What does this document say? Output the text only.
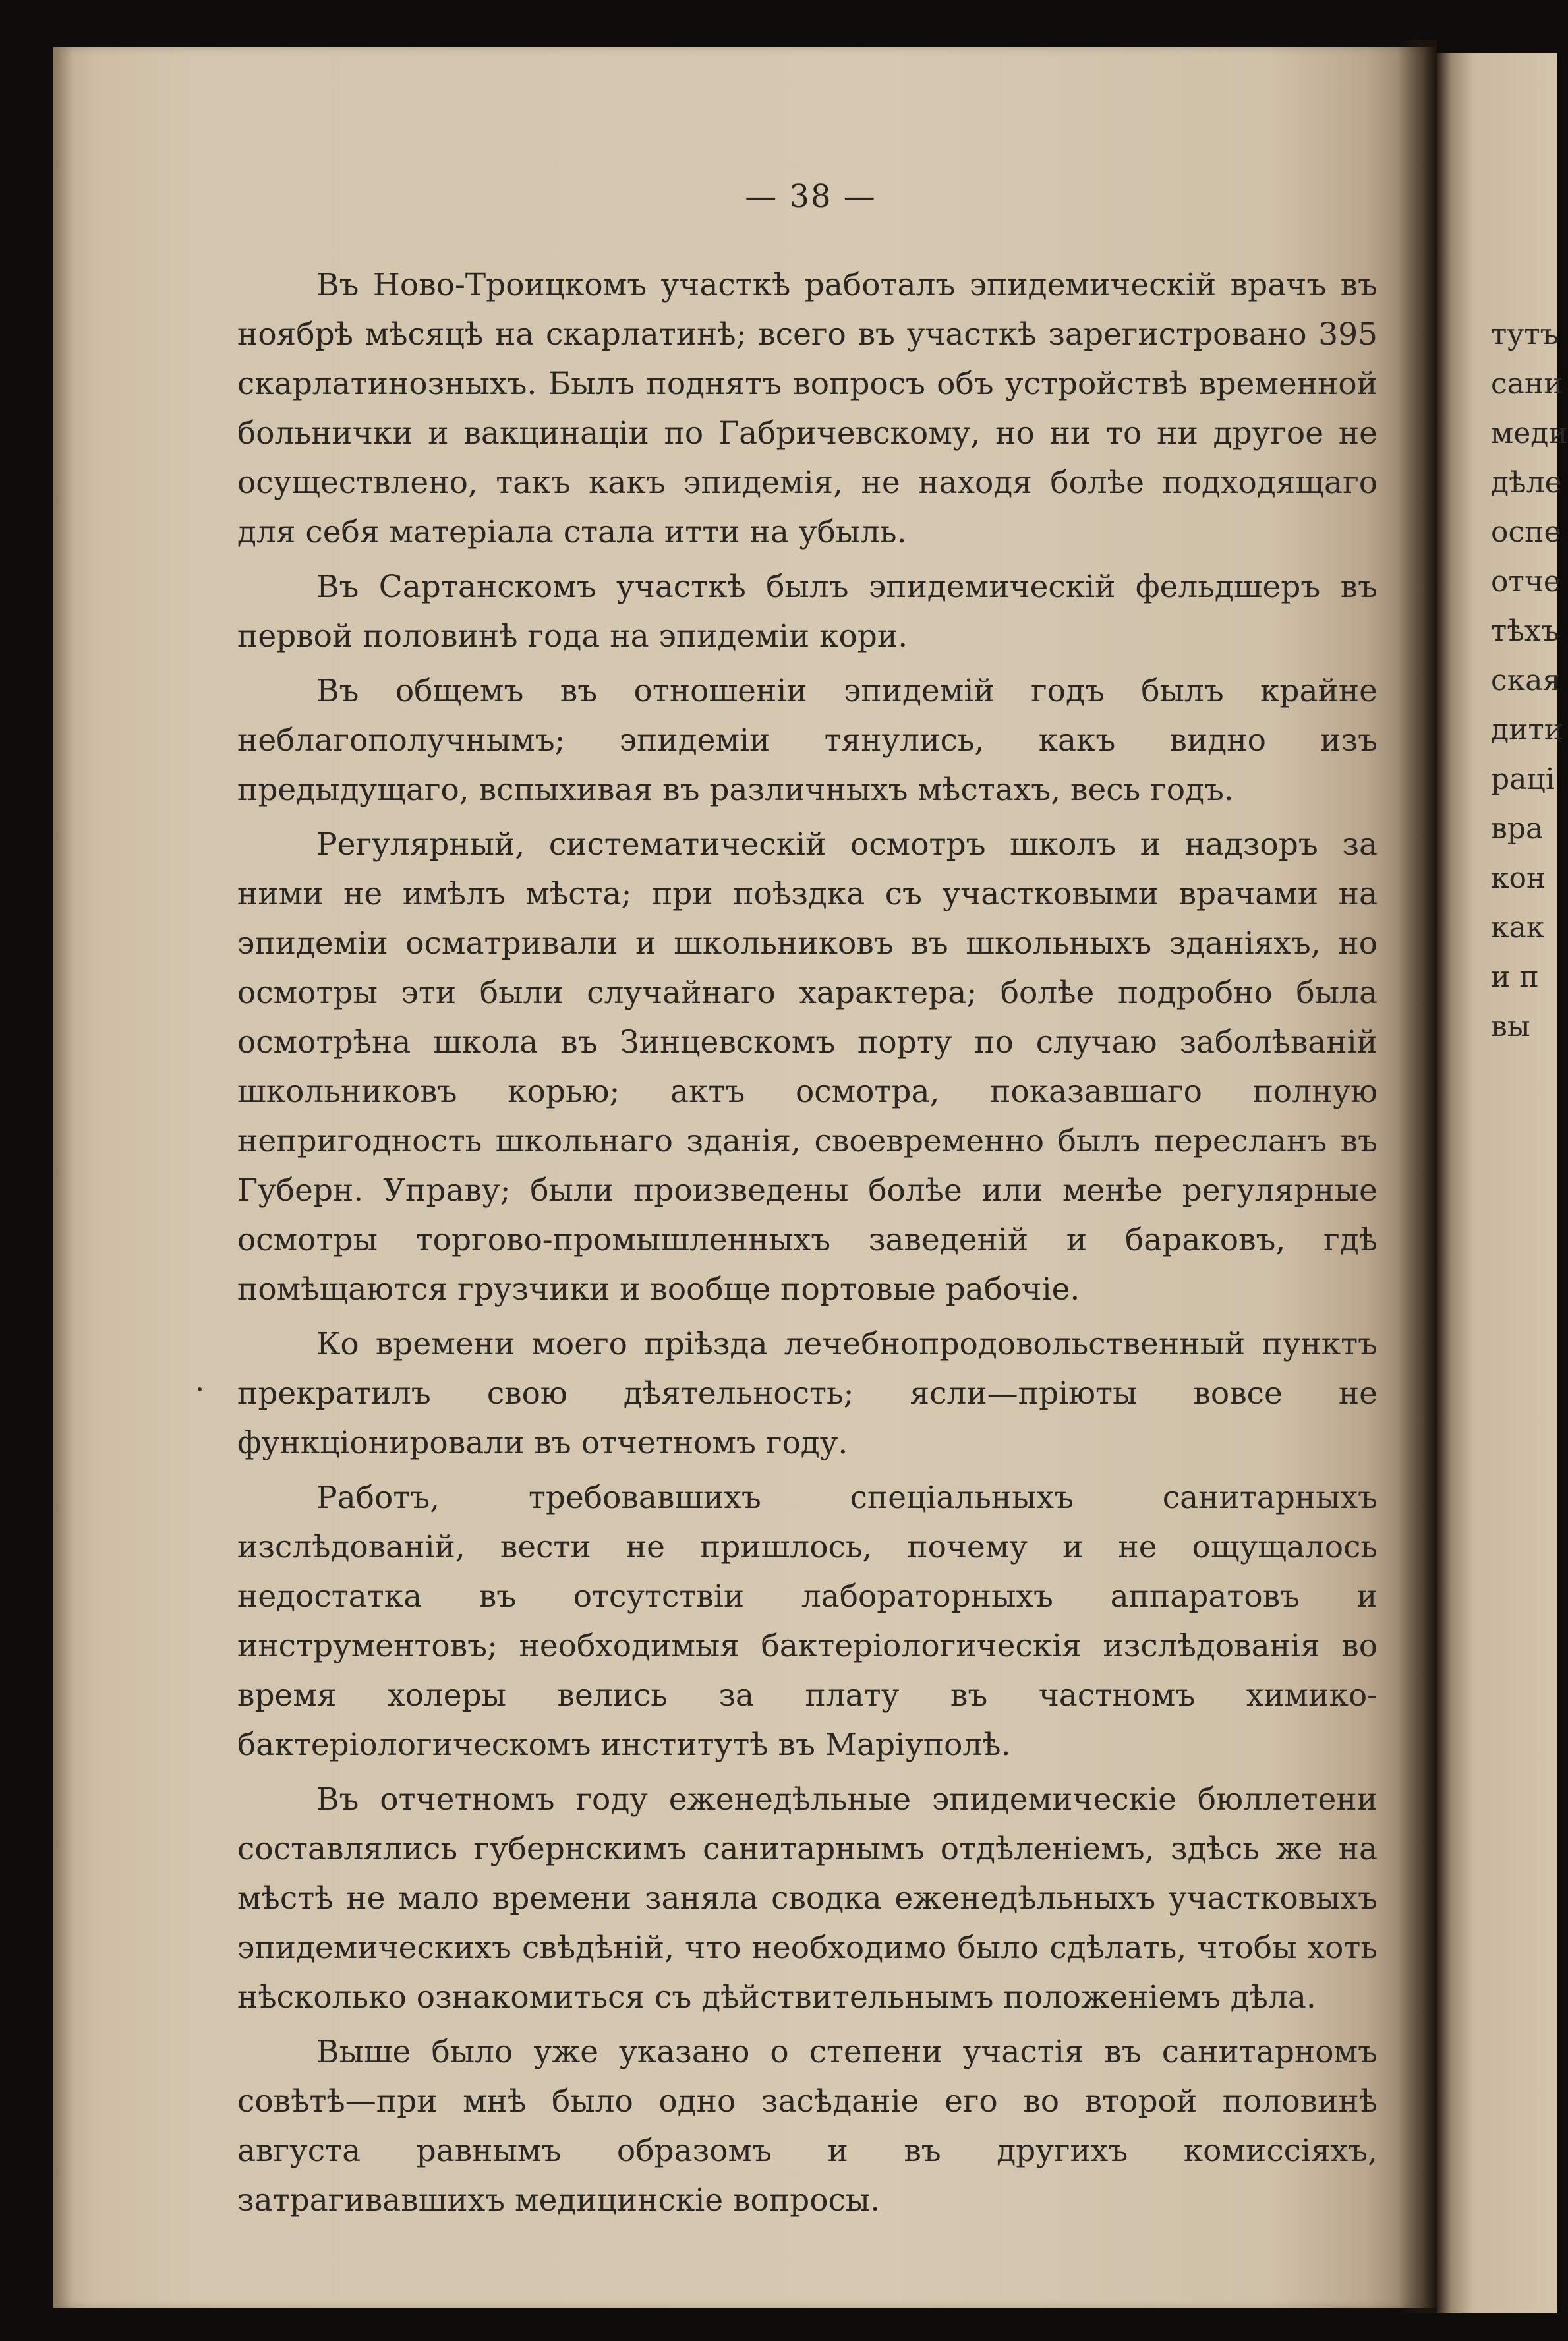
— 38 —

Въ Ново-Троицкомъ участкѣ работалъ эпидемическій врачъ въ ноябрѣ мѣсяцѣ на скарлатинѣ; всего въ участкѣ зарегистровано 395 скарлатинозныхъ. Былъ поднятъ вопросъ объ устройствѣ временной больнички и вакцинаціи по Габричевскому, но ни то ни другое не осуществлено, такъ какъ эпидемія, не находя болѣе подходящаго для себя матеріала стала итти на убыль.

Въ Сартанскомъ участкѣ былъ эпидемическій фельдшеръ въ первой половинѣ года на эпидеміи кори.

Въ общемъ въ отношеніи эпидемій годъ былъ крайне неблагополучнымъ; эпидеміи тянулись, какъ видно изъ предыдущаго, вспыхивая въ различныхъ мѣстахъ, весь годъ.

Регулярный, систематическій осмотръ школъ и надзоръ за ними не имѣлъ мѣста; при поѣздка съ участковыми врачами на эпидеміи осматривали и школьниковъ въ школьныхъ зданіяхъ, но осмотры эти были случайнаго характера; болѣе подробно была осмотрѣна школа въ Зинцевскомъ порту по случаю заболѣваній школьниковъ корью; актъ осмотра, показавшаго полную непригодность школьнаго зданія, своевременно былъ пересланъ въ Губерн. Управу; были произведены болѣе или менѣе регулярные осмотры торгово-промышленныхъ заведеній и бараковъ, гдѣ помѣщаются грузчики и вообще портовые рабочіе.

Ко времени моего пріѣзда лечебнопродовольственный пунктъ прекратилъ свою дѣятельность; ясли—пріюты вовсе не функціонировали въ отчетномъ году.

Работъ, требовавшихъ спеціальныхъ санитарныхъ изслѣдованій, вести не пришлось, почему и не ощущалось недостатка въ отсутствіи лабораторныхъ аппаратовъ и инструментовъ; необходимыя бактеріологическія изслѣдованія во время холеры велись за плату въ частномъ химико-бактеріологическомъ институтѣ въ Маріуполѣ.

Въ отчетномъ году еженедѣльные эпидемическіе бюллетени составлялись губернскимъ санитарнымъ отдѣленіемъ, здѣсь же на мѣстѣ не мало времени заняла сводка еженедѣльныхъ участковыхъ эпидемическихъ свѣдѣній, что необходимо было сдѣлать, чтобы хоть нѣсколько ознакомиться съ дѣйствительнымъ положеніемъ дѣла.

Выше было уже указано о степени участія въ санитарномъ совѣтѣ—при мнѣ было одно засѣданіе его во второй половинѣ августа равнымъ образомъ и въ другихъ комиссіяхъ, затрагивавшихъ медицинскіе вопросы.

тутъ
сани
меди
дѣле
оспе
отче
тѣхъ
ская
дити
раці
вра
кон
как
и п
вы
